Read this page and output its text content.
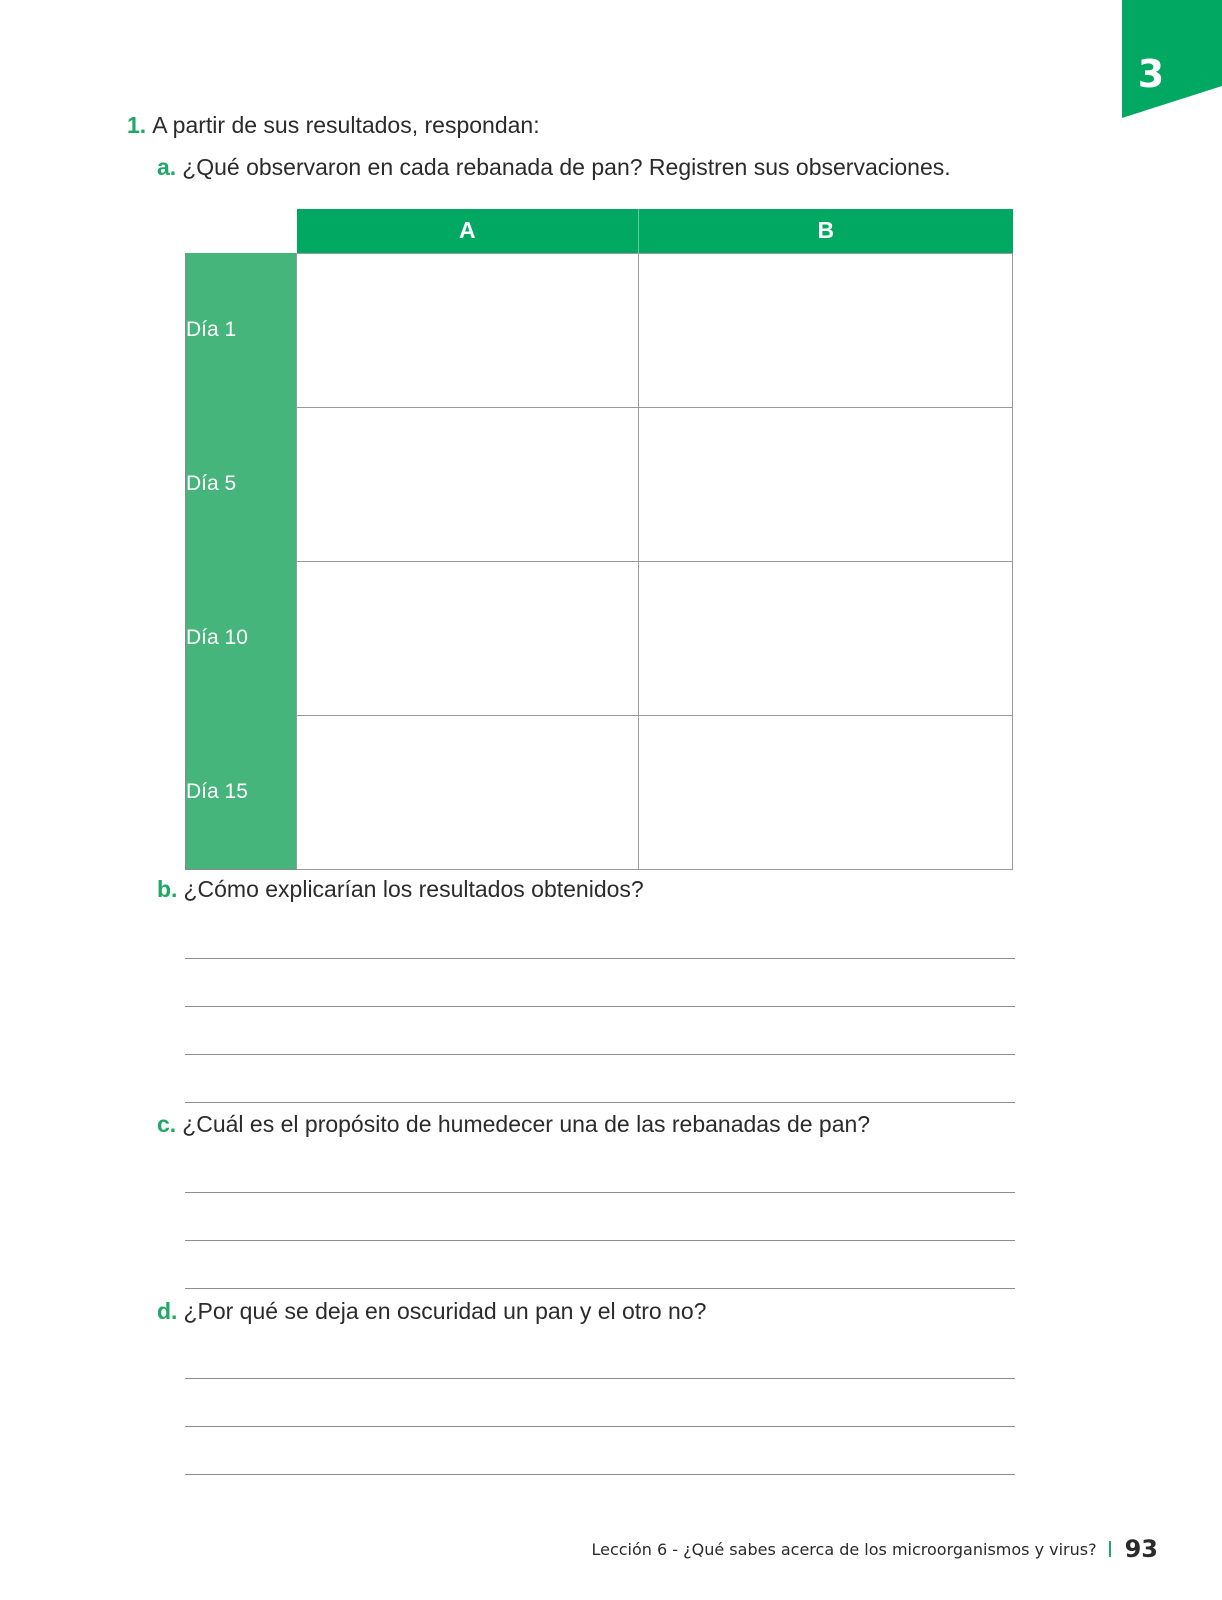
3
1. A partir de sus resultados, respondan:
a. ¿Qué observaron en cada rebanada de pan? Registren sus observaciones.
	A	B
Día 1		
Día 5		
Día 10		
Día 15		
b. ¿Cómo explicarían los resultados obtenidos?
c. ¿Cuál es el propósito de humedecer una de las rebanadas de pan?
d. ¿Por qué se deja en oscuridad un pan y el otro no?
Lección 6 - ¿Qué sabes acerca de los microorganismos y virus? 93
